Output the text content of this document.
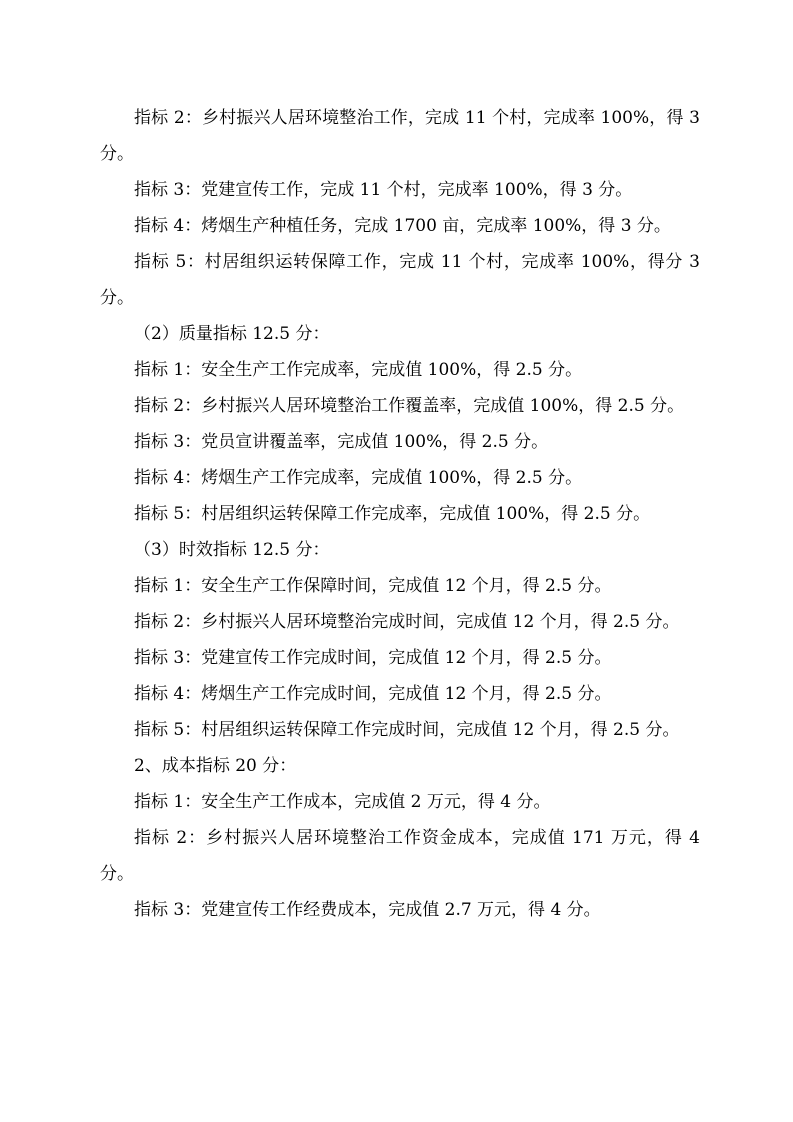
指标 2：乡村振兴人居环境整治工作，完成 11 个村，完成率 100%，得 3 分。

指标 3：党建宣传工作，完成 11 个村，完成率 100%，得 3 分。

指标 4：烤烟生产种植任务，完成 1700 亩，完成率 100%，得 3 分。

指标 5：村居组织运转保障工作，完成 11 个村，完成率 100%，得分 3 分。

（2）质量指标 12.5 分：

指标 1：安全生产工作完成率，完成值 100%，得 2.5 分。

指标 2：乡村振兴人居环境整治工作覆盖率，完成值 100%，得 2.5 分。

指标 3：党员宣讲覆盖率，完成值 100%，得 2.5 分。

指标 4：烤烟生产工作完成率，完成值 100%，得 2.5 分。

指标 5：村居组织运转保障工作完成率，完成值 100%，得 2.5 分。

（3）时效指标 12.5 分：

指标 1：安全生产工作保障时间，完成值 12 个月，得 2.5 分。

指标 2：乡村振兴人居环境整治完成时间，完成值 12 个月，得 2.5 分。

指标 3：党建宣传工作完成时间，完成值 12 个月，得 2.5 分。

指标 4：烤烟生产工作完成时间，完成值 12 个月，得 2.5 分。

指标 5：村居组织运转保障工作完成时间，完成值 12 个月，得 2.5 分。

2、成本指标 20 分：

指标 1：安全生产工作成本，完成值 2 万元，得 4 分。

指标 2：乡村振兴人居环境整治工作资金成本，完成值 171 万元，得 4 分。

指标 3：党建宣传工作经费成本，完成值 2.7 万元，得 4 分。
